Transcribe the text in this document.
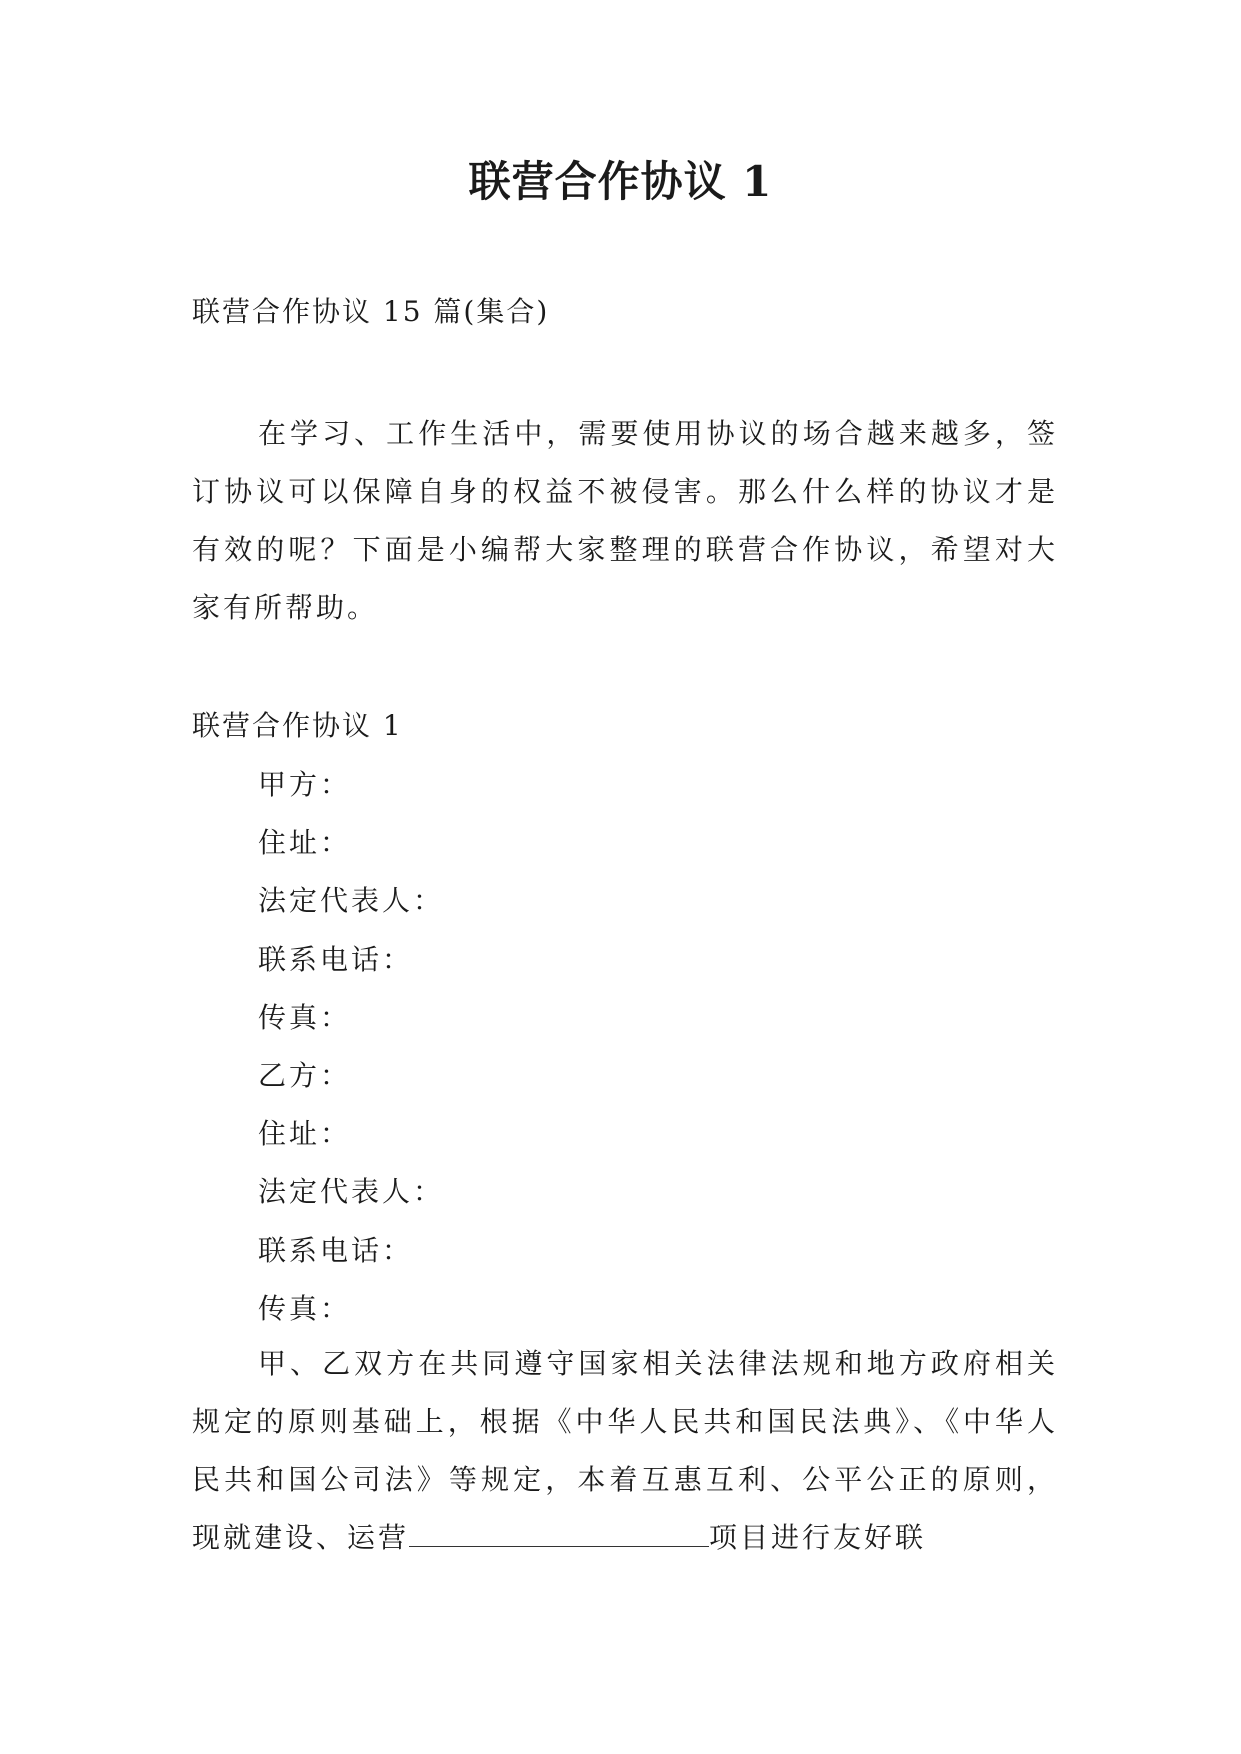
联营合作协议 1
联营合作协议 15 篇(集合)

在学习、工作生活中，需要使用协议的场合越来越多，签订协议可以保障自身的权益不被侵害。那么什么样的协议才是有效的呢？下面是小编帮大家整理的联营合作协议，希望对大家有所帮助。

联营合作协议 1
甲方：
住址：
法定代表人：
联系电话：
传真：
乙方：
住址：
法定代表人：
联系电话：
传真：

甲、乙双方在共同遵守国家相关法律法规和地方政府相关规定的原则基础上，根据《中华人民共和国民法典》、《中华人民共和国公司法》等规定，本着互惠互利、公平公正的原则，现就建设、运营	项目进行友好联
